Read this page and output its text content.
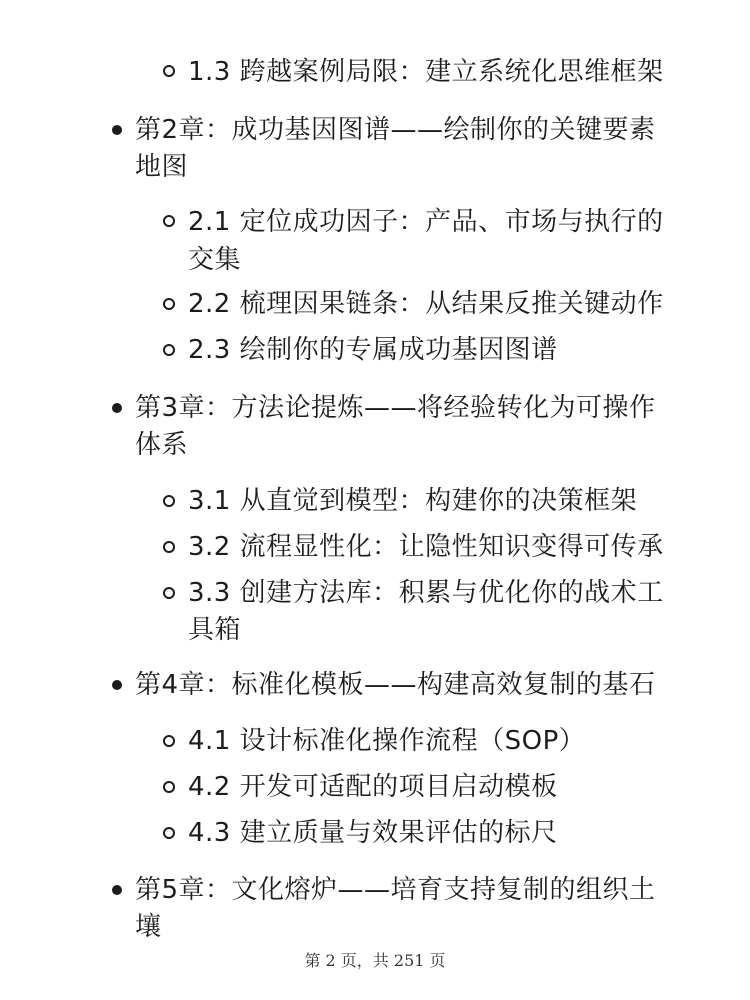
1.3 跨越案例局限：建立系统化思维框架
第2章：成功基因图谱——绘制你的关键要素
地图
2.1 定位成功因子：产品、市场与执行的
交集
2.2 梳理因果链条：从结果反推关键动作
2.3 绘制你的专属成功基因图谱
第3章：方法论提炼——将经验转化为可操作
体系
3.1 从直觉到模型：构建你的决策框架
3.2 流程显性化：让隐性知识变得可传承
3.3 创建方法库：积累与优化你的战术工
具箱
第4章：标准化模板——构建高效复制的基石
4.1 设计标准化操作流程（SOP）
4.2 开发可适配的项目启动模板
4.3 建立质量与效果评估的标尺
第5章：文化熔炉——培育支持复制的组织土
壤
第 2 页，共 251 页
